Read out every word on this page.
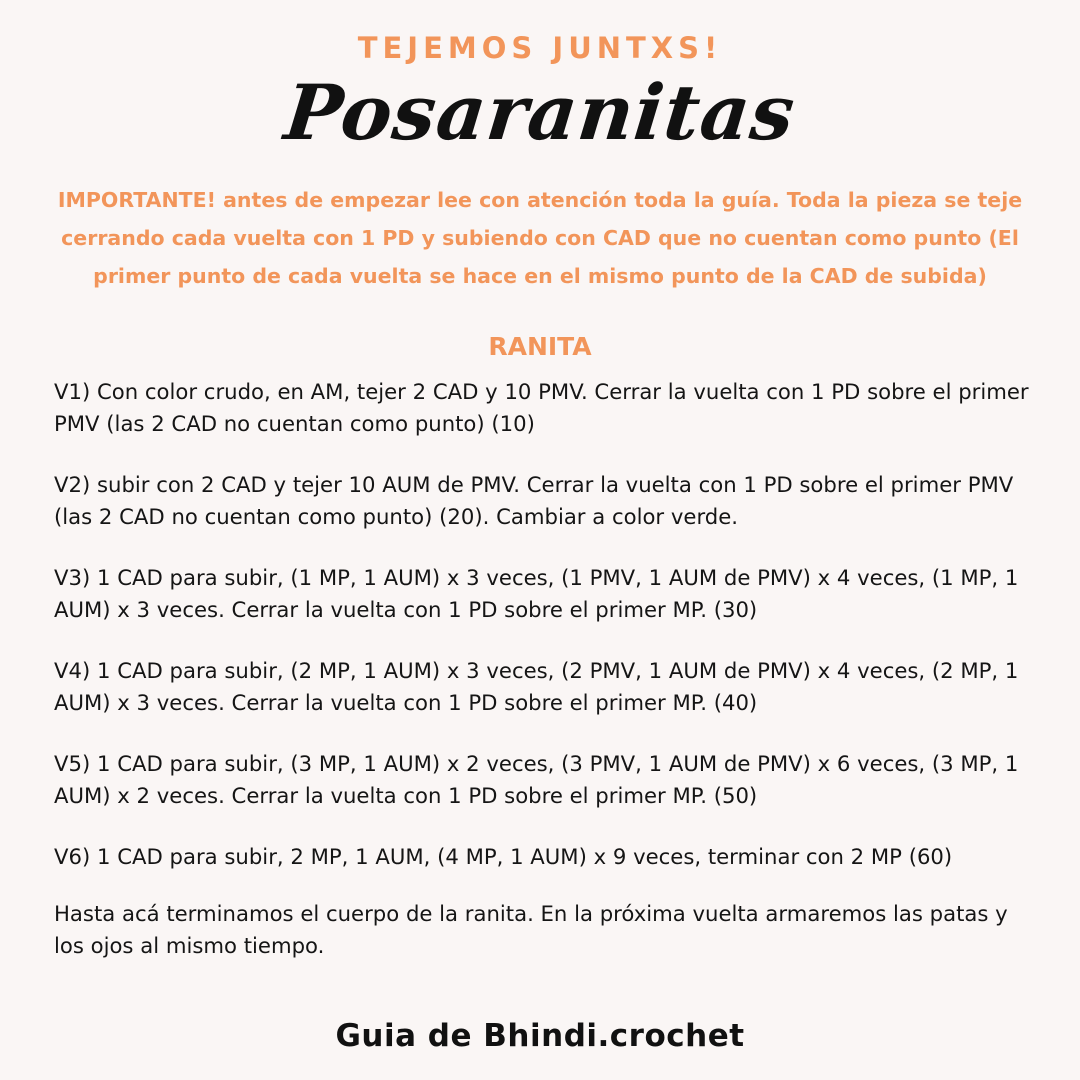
TEJEMOS JUNTXS!
Posaranitas
IMPORTANTE! antes de empezar lee con atención toda la guía. Toda la pieza se teje cerrando cada vuelta con 1 PD y subiendo con CAD que no cuentan como punto (El primer punto de cada vuelta se hace en el mismo punto de la CAD de subida)
RANITA
V1) Con color crudo, en AM, tejer 2 CAD y 10 PMV. Cerrar la vuelta con 1 PD sobre el primer PMV (las 2 CAD no cuentan como punto) (10)
V2) subir con 2 CAD y tejer 10 AUM de PMV. Cerrar la vuelta con 1 PD sobre el primer PMV (las 2 CAD no cuentan como punto) (20). Cambiar a color verde.
V3) 1 CAD para subir, (1 MP, 1 AUM) x 3 veces, (1 PMV, 1 AUM de PMV) x 4 veces, (1 MP, 1 AUM) x 3 veces. Cerrar la vuelta con 1 PD sobre el primer MP. (30)
V4) 1 CAD para subir, (2 MP, 1 AUM) x 3 veces, (2 PMV, 1 AUM de PMV) x 4 veces, (2 MP, 1 AUM) x 3 veces. Cerrar la vuelta con 1 PD sobre el primer MP. (40)
V5) 1 CAD para subir, (3 MP, 1 AUM) x 2 veces, (3 PMV, 1 AUM de PMV) x 6 veces, (3 MP, 1 AUM) x 2 veces. Cerrar la vuelta con 1 PD sobre el primer MP. (50)
V6) 1 CAD para subir, 2 MP, 1 AUM, (4 MP, 1 AUM) x 9 veces, terminar con 2 MP (60)
Hasta acá terminamos el cuerpo de la ranita. En la próxima vuelta armaremos las patas y los ojos al mismo tiempo.
Guia de Bhindi.crochet
